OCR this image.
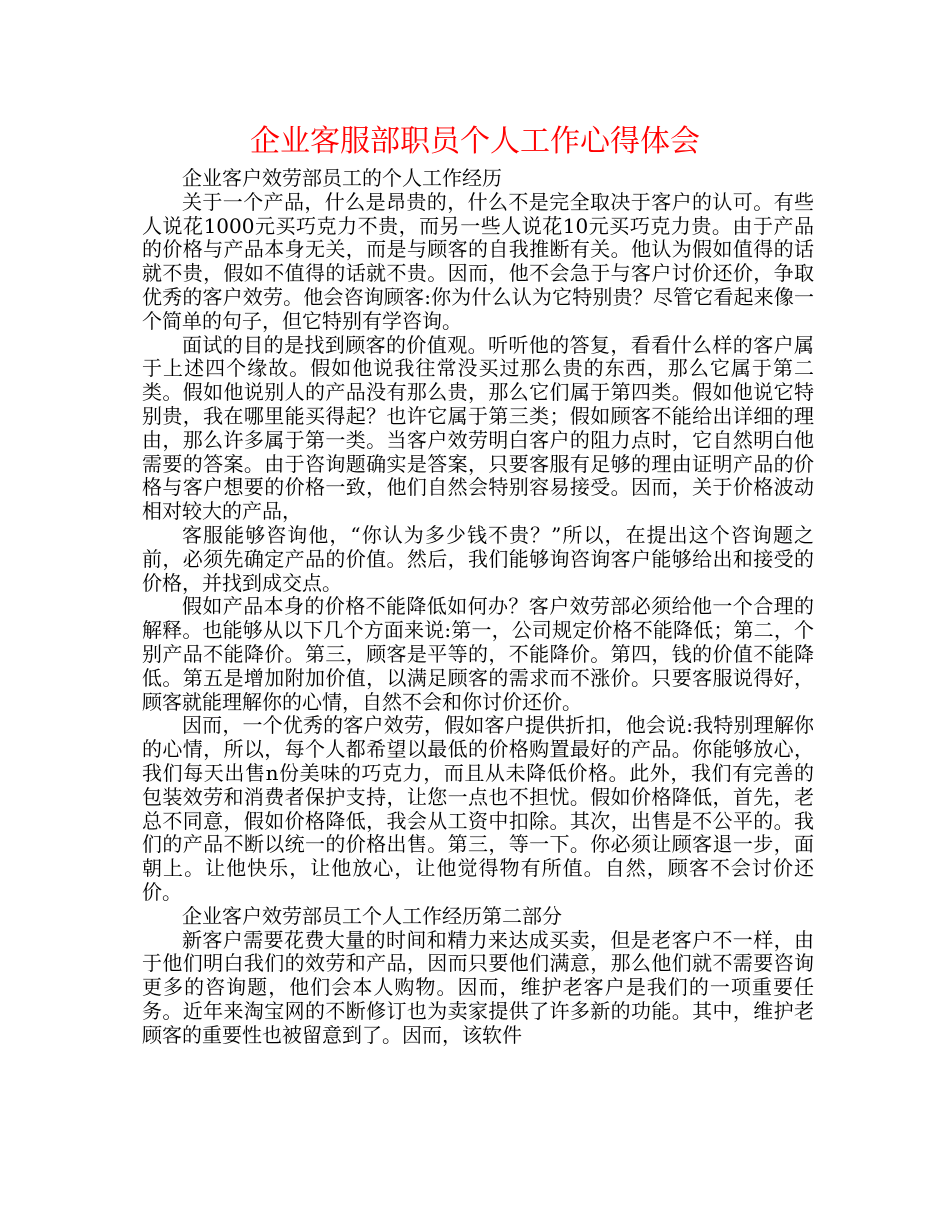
企业客服部职员个人工作心得体会

企业客户效劳部员工的个人工作经历

关于一个产品，什么是昂贵的，什么不是完全取决于客户的认可。有些人说花1000元买巧克力不贵，而另一些人说花10元买巧克力贵。由于产品的价格与产品本身无关，而是与顾客的自我推断有关。他认为假如值得的话就不贵，假如不值得的话就不贵。因而，他不会急于与客户讨价还价，争取优秀的客户效劳。他会咨询顾客:你为什么认为它特别贵？尽管它看起来像一个简单的句子，但它特别有学咨询。

面试的目的是找到顾客的价值观。听听他的答复，看看什么样的客户属于上述四个缘故。假如他说我往常没买过那么贵的东西，那么它属于第二类。假如他说别人的产品没有那么贵，那么它们属于第四类。假如他说它特别贵，我在哪里能买得起？也许它属于第三类；假如顾客不能给出详细的理由，那么许多属于第一类。当客户效劳明白客户的阻力点时，它自然明白他需要的答案。由于咨询题确实是答案，只要客服有足够的理由证明产品的价格与客户想要的价格一致，他们自然会特别容易接受。因而，关于价格波动相对较大的产品，

客服能够咨询他，“你认为多少钱不贵？”所以，在提出这个咨询题之前，必须先确定产品的价值。然后，我们能够询咨询客户能够给出和接受的价格，并找到成交点。

假如产品本身的价格不能降低如何办？客户效劳部必须给他一个合理的解释。也能够从以下几个方面来说:第一，公司规定价格不能降低；第二，个别产品不能降价。第三，顾客是平等的，不能降价。第四，钱的价值不能降低。第五是增加附加价值，以满足顾客的需求而不涨价。只要客服说得好，顾客就能理解你的心情，自然不会和你讨价还价。

因而，一个优秀的客户效劳，假如客户提供折扣，他会说:我特别理解你的心情，所以，每个人都希望以最低的价格购置最好的产品。你能够放心，我们每天出售n份美味的巧克力，而且从未降低价格。此外，我们有完善的包装效劳和消费者保护支持，让您一点也不担忧。假如价格降低，首先，老总不同意，假如价格降低，我会从工资中扣除。其次，出售是不公平的。我们的产品不断以统一的价格出售。第三，等一下。你必须让顾客退一步，面朝上。让他快乐，让他放心，让他觉得物有所值。自然，顾客不会讨价还价。

企业客户效劳部员工个人工作经历第二部分

新客户需要花费大量的时间和精力来达成买卖，但是老客户不一样，由于他们明白我们的效劳和产品，因而只要他们满意，那么他们就不需要咨询更多的咨询题，他们会本人购物。因而，维护老客户是我们的一项重要任务。近年来淘宝网的不断修订也为卖家提供了许多新的功能。其中，维护老顾客的重要性也被留意到了。因而，该软件
